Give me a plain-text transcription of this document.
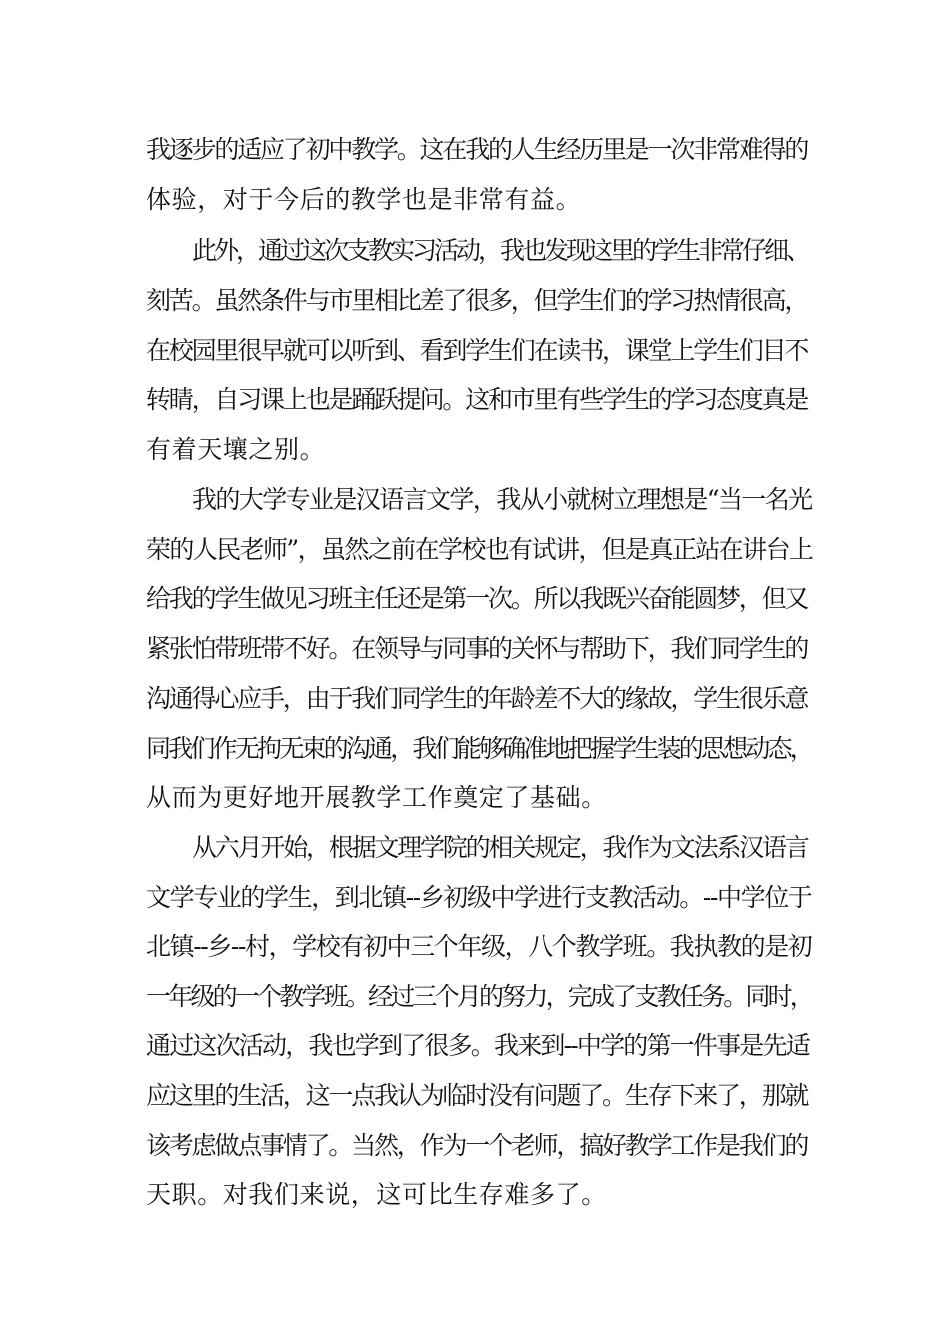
我逐步的适应了初中教学。这在我的人生经历里是一次非常难得的

体验，对于今后的教学也是非常有益。

此外，通过这次支教实习活动，我也发现这里的学生非常仔细、

刻苦。虽然条件与市里相比差了很多，但学生们的学习热情很高，

在校园里很早就可以听到、看到学生们在读书，课堂上学生们目不

转睛，自习课上也是踊跃提问。这和市里有些学生的学习态度真是

有着天壤之别。

我的大学专业是汉语言文学，我从小就树立理想是“当一名光

荣的人民老师”，虽然之前在学校也有试讲，但是真正站在讲台上

给我的学生做见习班主任还是第一次。所以我既兴奋能圆梦，但又

紧张怕带班带不好。在领导与同事的关怀与帮助下，我们同学生的

沟通得心应手，由于我们同学生的年龄差不大的缘故，学生很乐意

同我们作无拘无束的沟通，我们能够确准地把握学生装的思想动态，

从而为更好地开展教学工作奠定了基础。

从六月开始，根据文理学院的相关规定，我作为文法系汉语言

文学专业的学生，到北镇--乡初级中学进行支教活动。--中学位于

北镇--乡--村，学校有初中三个年级，八个教学班。我执教的是初

一年级的一个教学班。经过三个月的努力，完成了支教任务。同时，

通过这次活动，我也学到了很多。我来到--中学的第一件事是先适

应这里的生活，这一点我认为临时没有问题了。生存下来了，那就

该考虑做点事情了。当然，作为一个老师，搞好教学工作是我们的

天职。对我们来说，这可比生存难多了。
